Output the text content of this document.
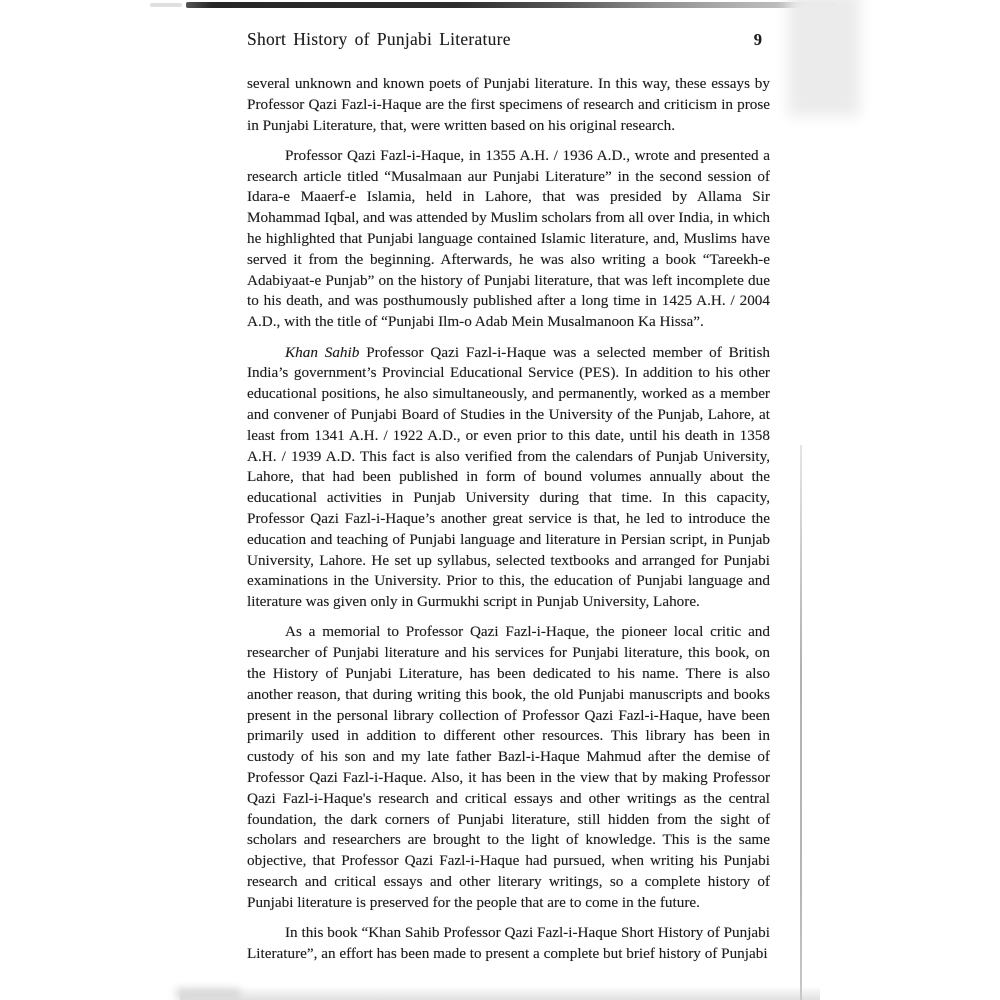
Short History of Punjabi Literature	9

several unknown and known poets of Punjabi literature. In this way, these essays by Professor Qazi Fazl-i-Haque are the first specimens of research and criticism in prose in Punjabi Literature, that, were written based on his original research.

Professor Qazi Fazl-i-Haque, in 1355 A.H. / 1936 A.D., wrote and presented a research article titled “Musalmaan aur Punjabi Literature” in the second session of Idara-e Maaerf-e Islamia, held in Lahore, that was presided by Allama Sir Mohammad Iqbal, and was attended by Muslim scholars from all over India, in which he highlighted that Punjabi language contained Islamic literature, and, Muslims have served it from the beginning. Afterwards, he was also writing a book “Tareekh-e Adabiyaat-e Punjab” on the history of Punjabi literature, that was left incomplete due to his death, and was posthumously published after a long time in 1425 A.H. / 2004 A.D., with the title of “Punjabi Ilm-o Adab Mein Musalmanoon Ka Hissa”.

Khan Sahib Professor Qazi Fazl-i-Haque was a selected member of British India’s government’s Provincial Educational Service (PES). In addition to his other educational positions, he also simultaneously, and permanently, worked as a member and convener of Punjabi Board of Studies in the University of the Punjab, Lahore, at least from 1341 A.H. / 1922 A.D., or even prior to this date, until his death in 1358 A.H. / 1939 A.D. This fact is also verified from the calendars of Punjab University, Lahore, that had been published in form of bound volumes annually about the educational activities in Punjab University during that time. In this capacity, Professor Qazi Fazl-i-Haque’s another great service is that, he led to introduce the education and teaching of Punjabi language and literature in Persian script, in Punjab University, Lahore. He set up syllabus, selected textbooks and arranged for Punjabi examinations in the University. Prior to this, the education of Punjabi language and literature was given only in Gurmukhi script in Punjab University, Lahore.

As a memorial to Professor Qazi Fazl-i-Haque, the pioneer local critic and researcher of Punjabi literature and his services for Punjabi literature, this book, on the History of Punjabi Literature, has been dedicated to his name. There is also another reason, that during writing this book, the old Punjabi manuscripts and books present in the personal library collection of Professor Qazi Fazl-i-Haque, have been primarily used in addition to different other resources. This library has been in custody of his son and my late father Bazl-i-Haque Mahmud after the demise of Professor Qazi Fazl-i-Haque. Also, it has been in the view that by making Professor Qazi Fazl-i-Haque's research and critical essays and other writings as the central foundation, the dark corners of Punjabi literature, still hidden from the sight of scholars and researchers are brought to the light of knowledge. This is the same objective, that Professor Qazi Fazl-i-Haque had pursued, when writing his Punjabi research and critical essays and other literary writings, so a complete history of Punjabi literature is preserved for the people that are to come in the future.

In this book “Khan Sahib Professor Qazi Fazl-i-Haque Short History of Punjabi Literature”, an effort has been made to present a complete but brief history of Punjabi
